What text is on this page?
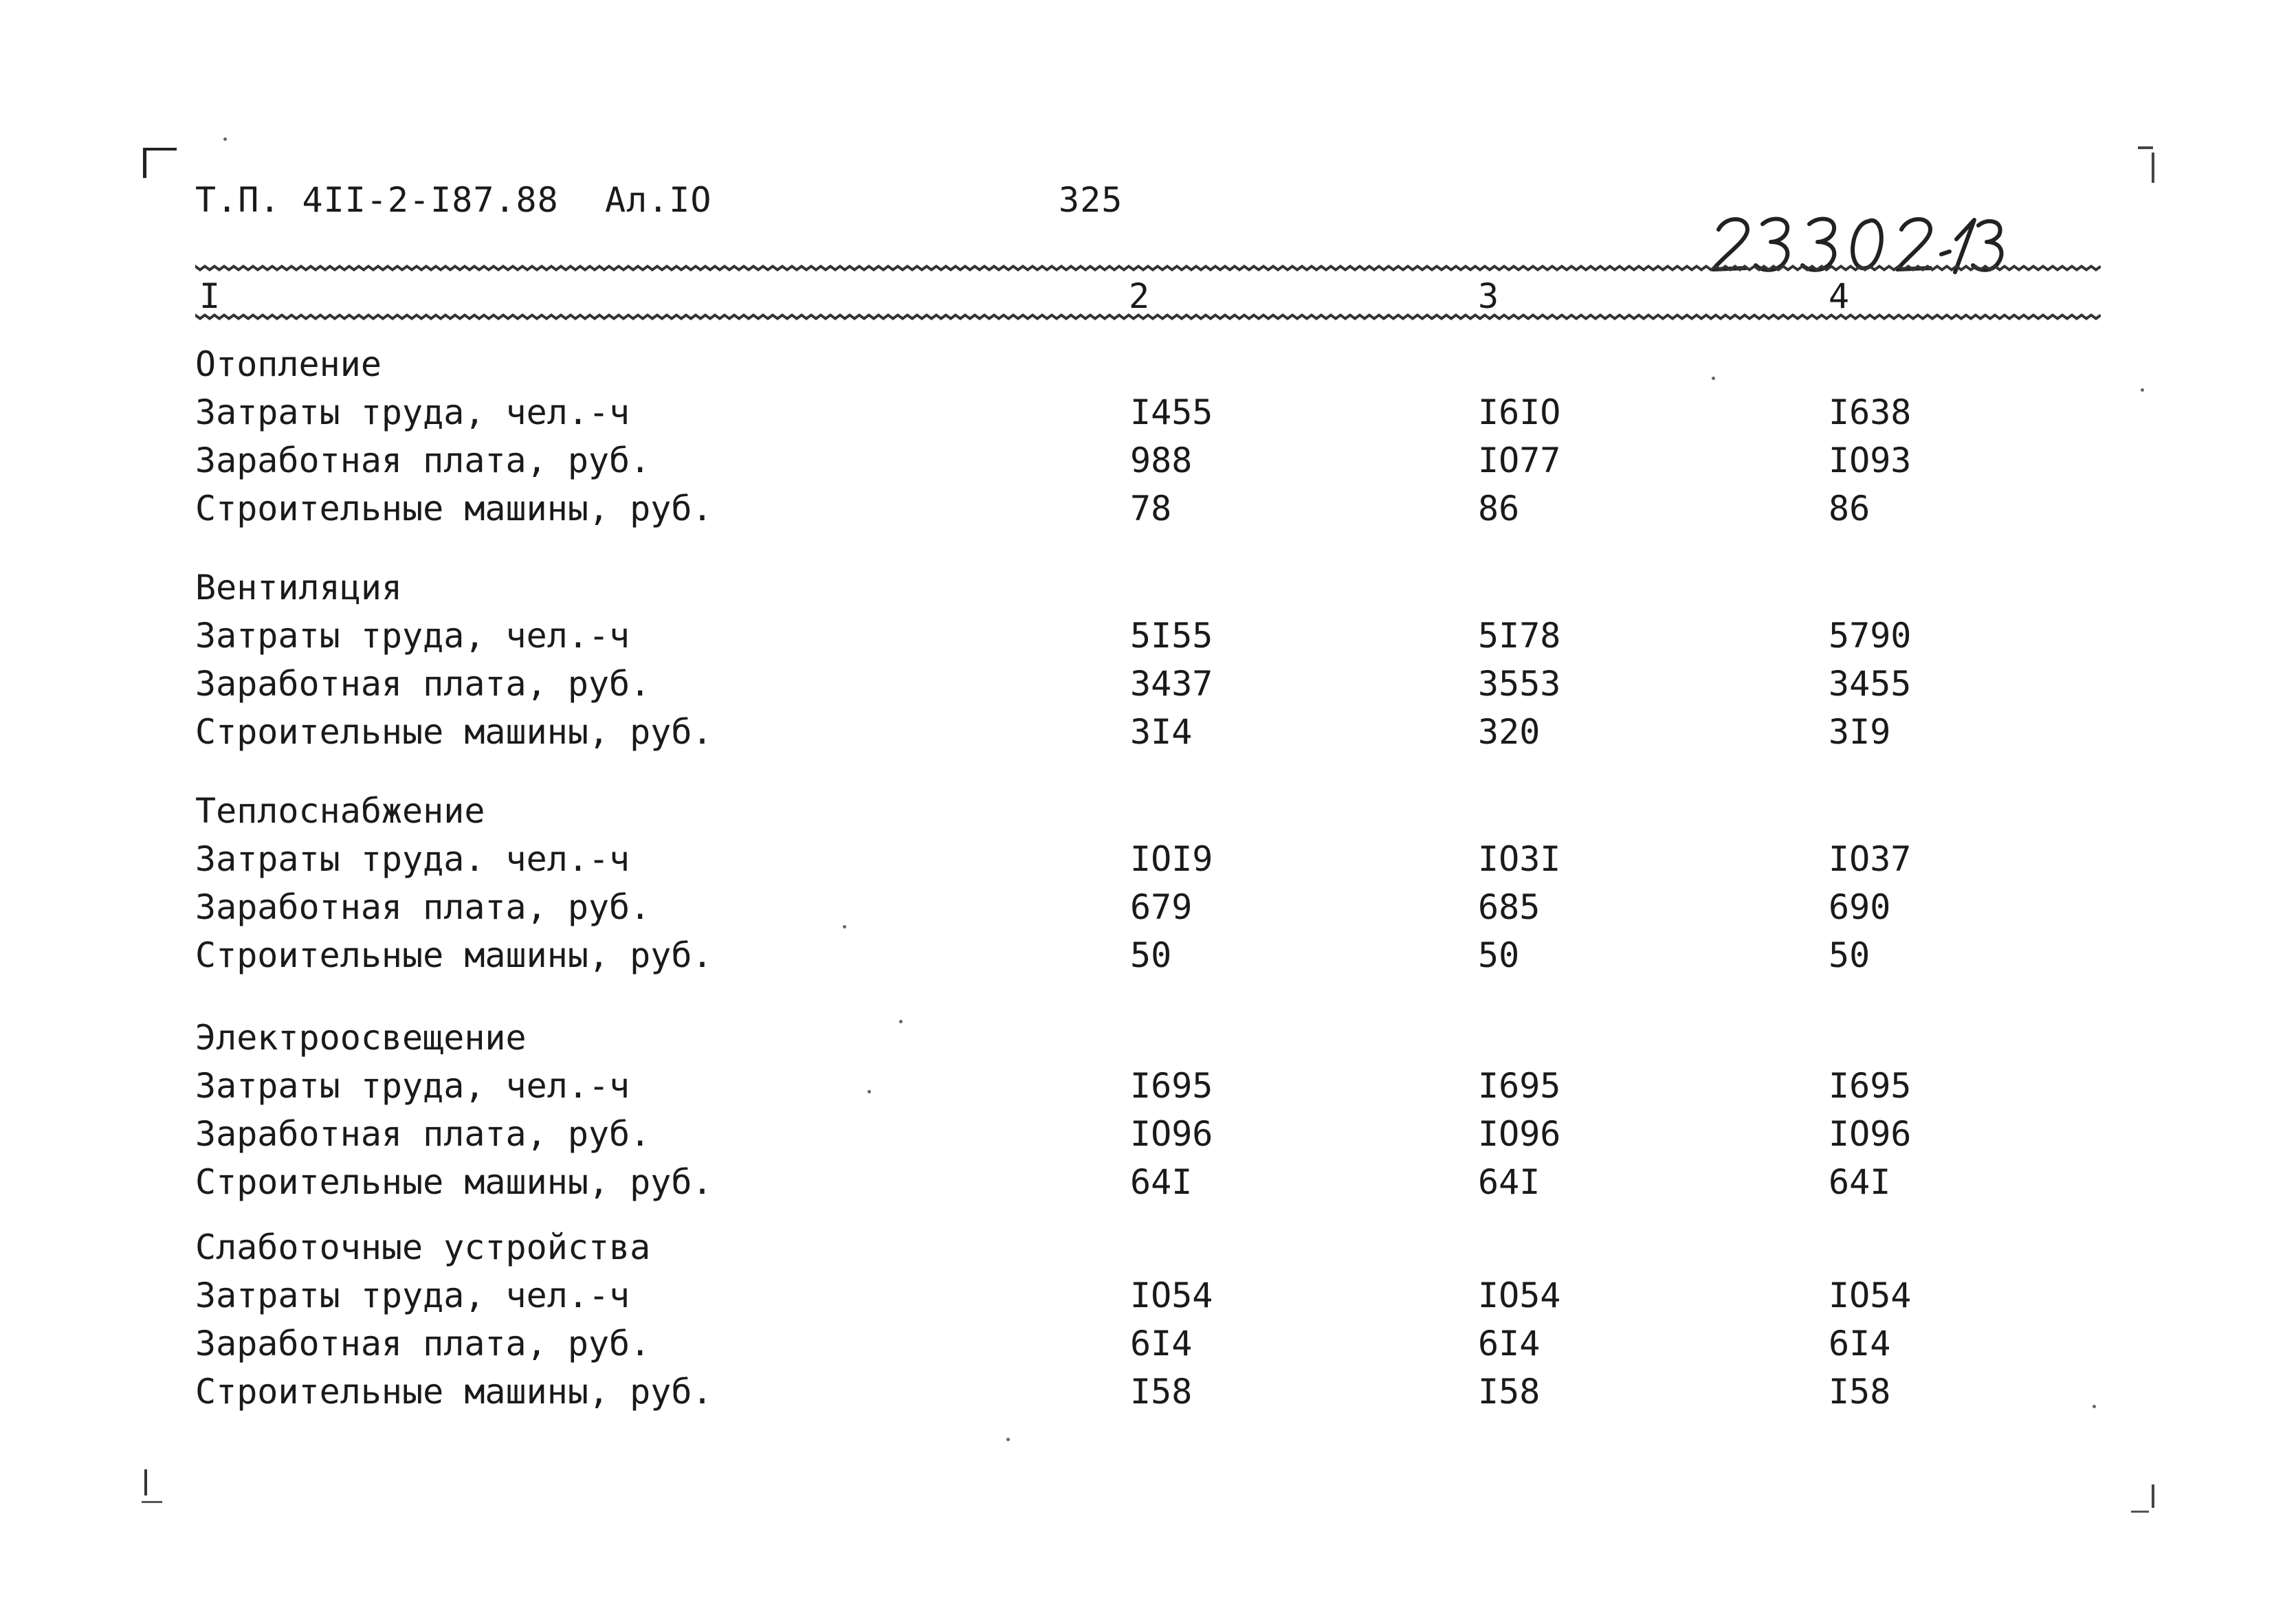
Т.П. 4II-2-I87.88 Ал.IO	325
I	2	3	4
Отопление
Затраты труда, чел.-ч	I455	I6IO	I638
Заработная плата, руб.	988	IO77	IO93
Строительные машины, руб.	78	86	86
Вентиляция
Затраты труда, чел.-ч	5I55	5I78	5790
Заработная плата, руб.	3437	3553	3455
Строительные машины, руб.	3I4	320	3I9
Теплоснабжение
Затраты труда. чел.-ч	IOI9	IO3I	IO37
Заработная плата, руб.	679	685	690
Строительные машины, руб.	50	50	50
Электроосвещение
Затраты труда, чел.-ч	I695	I695	I695
Заработная плата, руб.	IO96	IO96	IO96
Строительные машины, руб.	64I	64I	64I
Слаботочные устройства
Затраты труда, чел.-ч	IO54	IO54	IO54
Заработная плата, руб.	6I4	6I4	6I4
Строительные машины, руб.	I58	I58	I58
